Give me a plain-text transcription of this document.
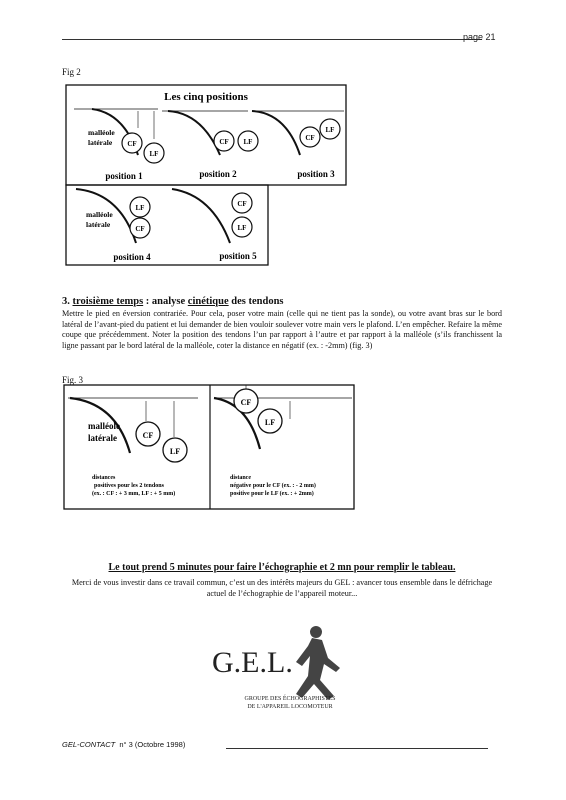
page 21
Fig 2
Les cinq positions
CF
LF
malléole
latérale
position 1
CF LF
position 2
CF
LF
position 3
LF
CF
malléole
latérale
position 4
CF
LF
position 5
3. troisième temps : analyse cinétique des tendons
Mettre le pied en éversion contrariée. Pour cela, poser votre main (celle qui ne tient pas la sonde), ou votre avant bras sur le bord latéral de l’avant-pied du patient et lui demander de bien vouloir soulever votre main vers le plafond. L’en empêcher. Refaire la même coupe que précédemment. Noter la position des tendons l’un par rapport à l’autre et par rapport à la malléole (s’ils franchissent la ligne passant par le bord latéral de la malléole, coter la distance en négatif (ex. : -2mm) (fig. 3)
Fig. 3
CF
LF
malléole
latérale
distances
positives pour les 2 tendons
(ex. : CF : + 3 mm, LF : + 5 mm)
CF
LF
distance
négative pour le CF (ex. : - 2 mm)
positive pour le LF (ex. : + 2mm)
Le tout prend 5 minutes pour faire l’échographie et 2 mn pour remplir le tableau.
Merci de vous investir dans ce travail commun, c’est un des intérêts majeurs du GEL : avancer tous ensemble dans le défrichage actuel de l’échographie de l’appareil moteur...
G.E.L.
GROUPE DES ÉCHOGRAPHISTES
DE L'APPAREIL LOCOMOTEUR
GEL-CONTACT n° 3 (Octobre 1998)
